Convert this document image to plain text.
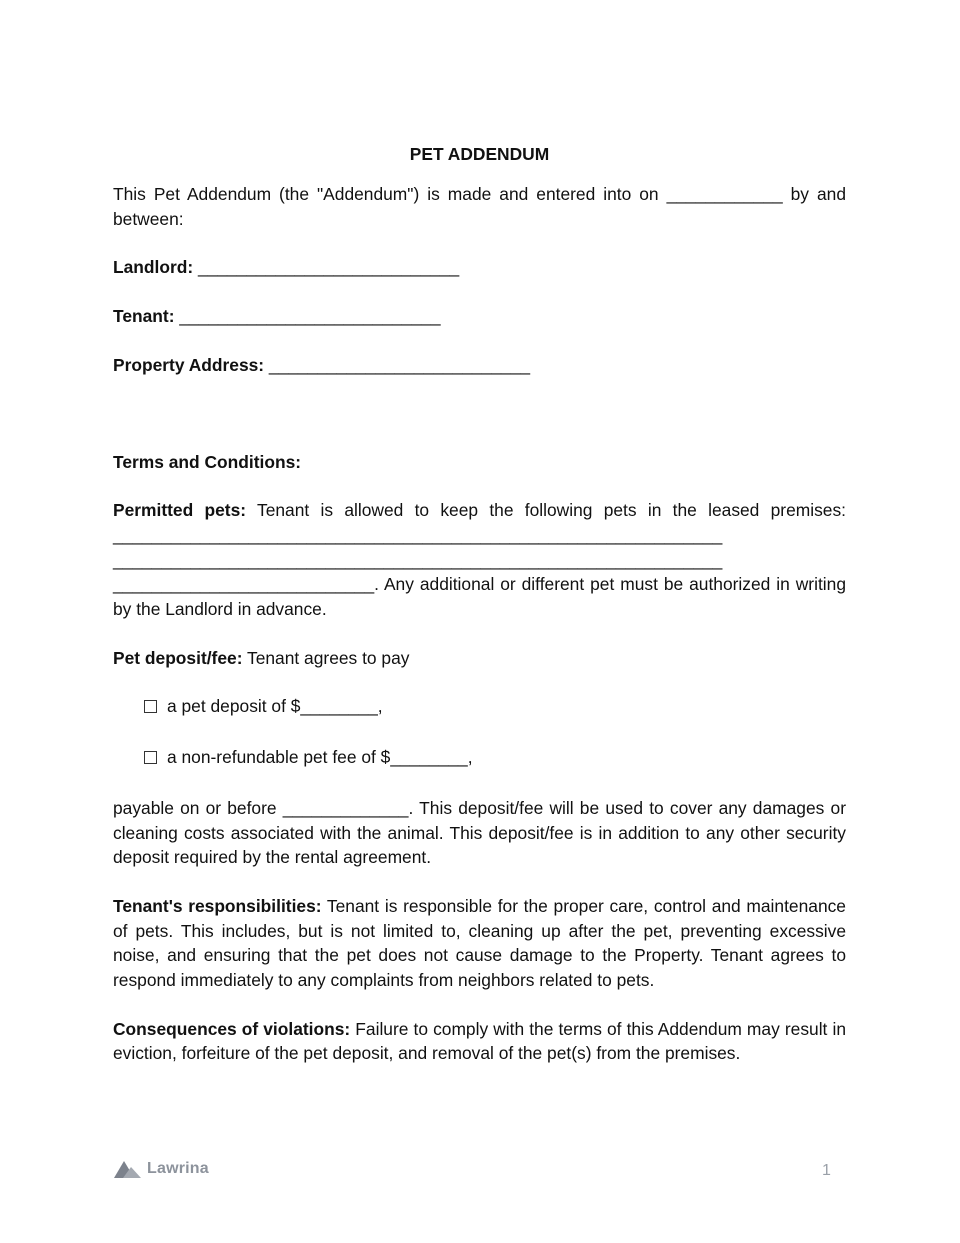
PET ADDENDUM

This Pet Addendum (the "Addendum") is made and entered into on ____________ by and between:

Landlord: ___________________________

Tenant: ___________________________

Property Address: ___________________________

Terms and Conditions:

Permitted pets: Tenant is allowed to keep the following pets in the leased premises:

_______________________________________________________________

_______________________________________________________________

___________________________. Any additional or different pet must be authorized in writing by the Landlord in advance.

Pet deposit/fee: Tenant agrees to pay

a pet deposit of $________,
a non-refundable pet fee of $________,

payable on or before _____________. This deposit/fee will be used to cover any damages or cleaning costs associated with the animal. This deposit/fee is in addition to any other security deposit required by the rental agreement.

Tenant's responsibilities: Tenant is responsible for the proper care, control and maintenance of pets. This includes, but is not limited to, cleaning up after the pet, preventing excessive noise, and ensuring that the pet does not cause damage to the Property. Tenant agrees to respond immediately to any complaints from neighbors related to pets.

Consequences of violations: Failure to comply with the terms of this Addendum may result in eviction, forfeiture of the pet deposit, and removal of the pet(s) from the premises.

Lawrina	1
